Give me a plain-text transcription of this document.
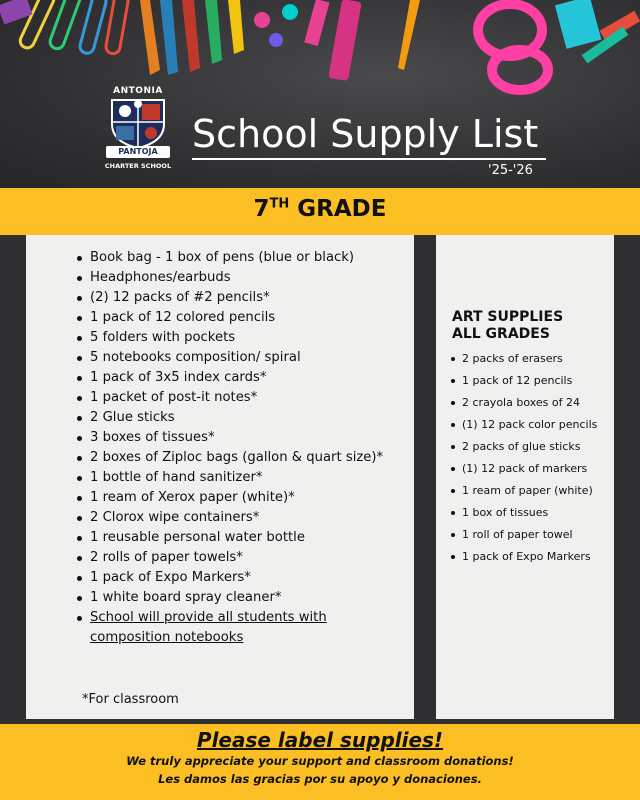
ANTONIA
PANTOJA
CHARTER SCHOOL
School Supply List
'25-'26
7TH GRADE
Book bag - 1 box of pens (blue or black)
Headphones/earbuds
(2) 12 packs of #2 pencils*
1 pack of 12 colored pencils
5 folders with pockets
5 notebooks composition/ spiral
1 pack of 3x5 index cards*
1 packet of post-it notes*
2 Glue sticks
3 boxes of tissues*
2 boxes of Ziploc bags (gallon & quart size)*
1 bottle of hand sanitizer*
1 ream of Xerox paper (white)*
2 Clorox wipe containers*
1 reusable personal water bottle
2 rolls of paper towels*
1 pack of Expo Markers*
1 white board spray cleaner*
School will provide all students with composition notebooks
*For classroom
ART SUPPLIES
ALL GRADES
2 packs of erasers
1 pack of 12 pencils
2 crayola boxes of 24
(1) 12 pack color pencils
2 packs of glue sticks
(1) 12 pack of markers
1 ream of paper (white)
1 box of tissues
1 roll of paper towel
1 pack of Expo Markers
Please label supplies!
We truly appreciate your support and classroom donations!
Les damos las gracias por su apoyo y donaciones.
